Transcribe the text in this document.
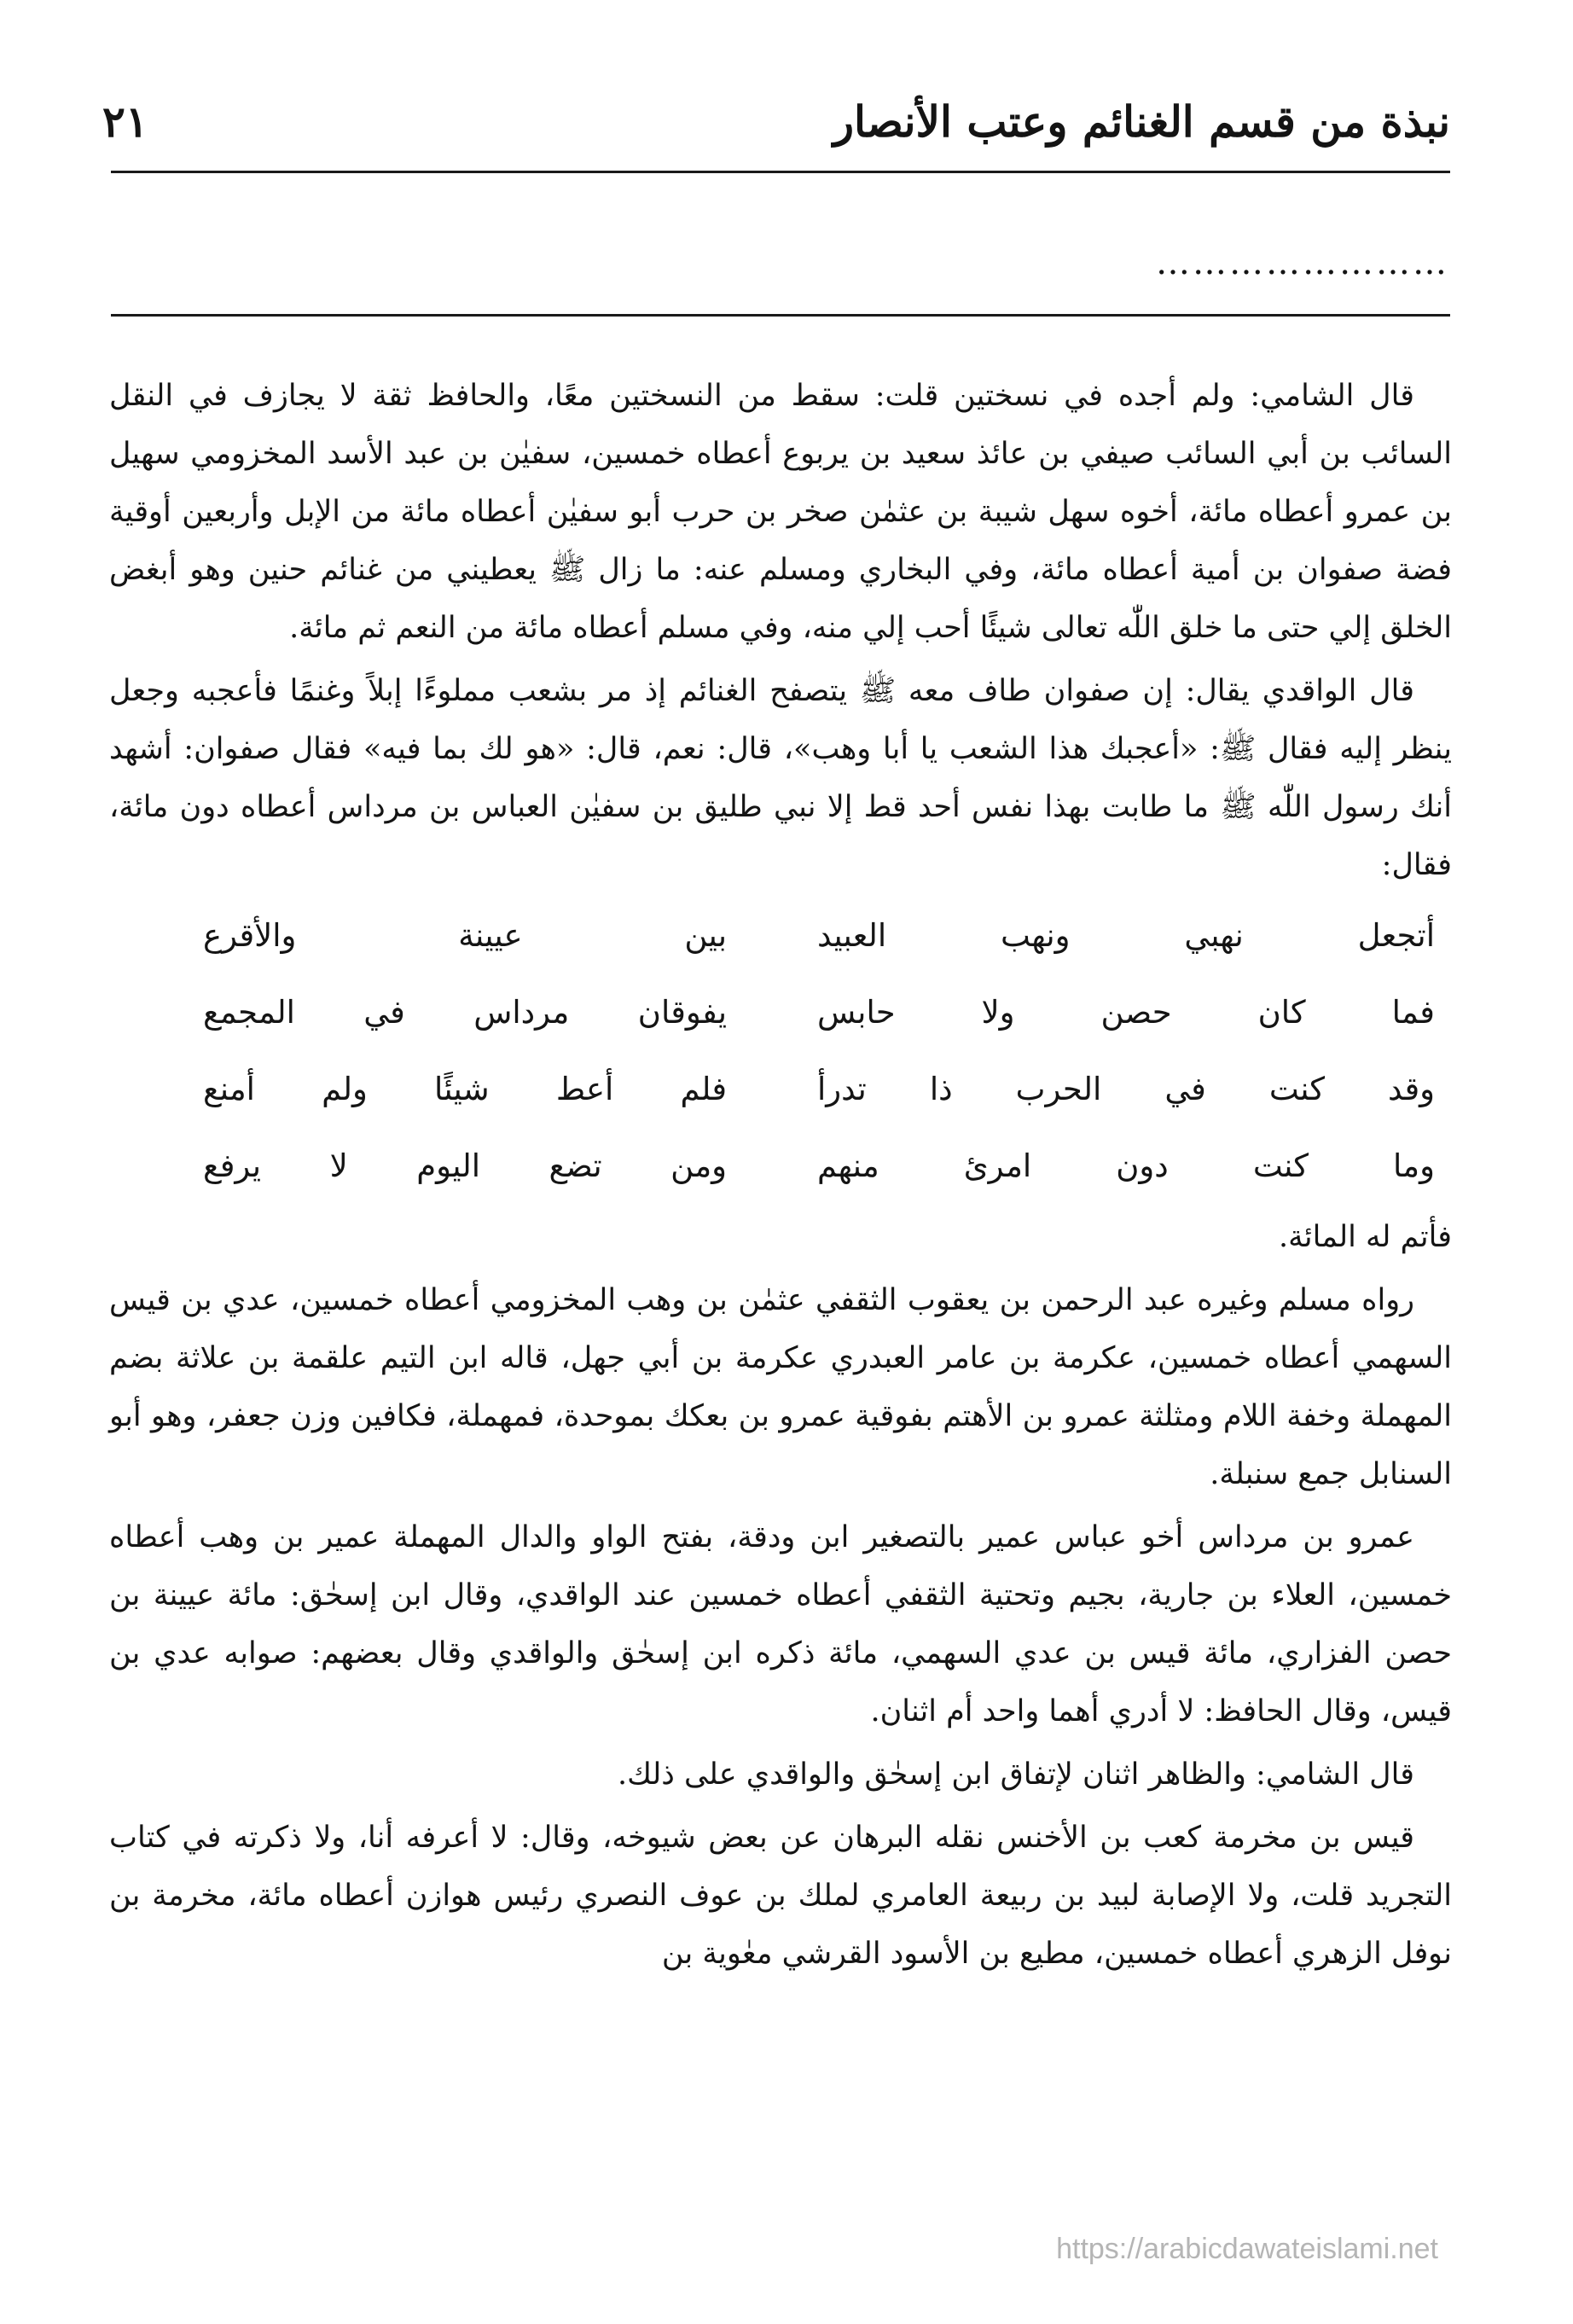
نبذة من قسم الغنائم وعتب الأنصار
٢١
……………………

قال الشامي: ولم أجده في نسختين قلت: سقط من النسختين معًا، والحافظ ثقة لا يجازف في النقل السائب بن أبي السائب صيفي بن عائذ سعيد بن يربوع أعطاه خمسين، سفيٰن بن عبد الأسد المخزومي سهيل بن عمرو أعطاه مائة، أخوه سهل شيبة بن عثمٰن صخر بن حرب أبو سفيٰن أعطاه مائة من الإبل وأربعين أوقية فضة صفوان بن أمية أعطاه مائة، وفي البخاري ومسلم عنه: ما زال ﷺ يعطيني من غنائم حنين وهو أبغض الخلق إلي حتى ما خلق اللّٰه تعالى شيئًا أحب إلي منه، وفي مسلم أعطاه مائة من النعم ثم مائة.

قال الواقدي يقال: إن صفوان طاف معه ﷺ يتصفح الغنائم إذ مر بشعب مملوءًا إبلاً وغنمًا فأعجبه وجعل ينظر إليه فقال ﷺ: «أعجبك هذا الشعب يا أبا وهب»، قال: نعم، قال: «هو لك بما فيه» فقال صفوان: أشهد أنك رسول اللّٰه ﷺ ما طابت بهذا نفس أحد قط إلا نبي طليق بن سفيٰن العباس بن مرداس أعطاه دون مائة، فقال:

أتجعل نهبي ونهب العبيد
بين عيينة والأقرع
فما كان حصن ولا حابس
يفوقان مرداس في المجمع
وقد كنت في الحرب ذا تدرأ
فلم أعط شيئًا ولم أمنع
وما كنت دون امرئ منهم
ومن تضع اليوم لا يرفع

فأتم له المائة.

رواه مسلم وغيره عبد الرحمن بن يعقوب الثقفي عثمٰن بن وهب المخزومي أعطاه خمسين، عدي بن قيس السهمي أعطاه خمسين، عكرمة بن عامر العبدري عكرمة بن أبي جهل، قاله ابن التيم علقمة بن علاثة بضم المهملة وخفة اللام ومثلثة عمرو بن الأهتم بفوقية عمرو بن بعكك بموحدة، فمهملة، فكافين وزن جعفر، وهو أبو السنابل جمع سنبلة.

عمرو بن مرداس أخو عباس عمير بالتصغير ابن ودقة، بفتح الواو والدال المهملة عمير بن وهب أعطاه خمسين، العلاء بن جارية، بجيم وتحتية الثقفي أعطاه خمسين عند الواقدي، وقال ابن إسحٰق: مائة عيينة بن حصن الفزاري، مائة قيس بن عدي السهمي، مائة ذكره ابن إسحٰق والواقدي وقال بعضهم: صوابه عدي بن قيس، وقال الحافظ: لا أدري أهما واحد أم اثنان.

قال الشامي: والظاهر اثنان لإتفاق ابن إسحٰق والواقدي على ذلك.

قيس بن مخرمة كعب بن الأخنس نقله البرهان عن بعض شيوخه، وقال: لا أعرفه أنا، ولا ذكرته في كتاب التجريد قلت، ولا الإصابة لبيد بن ربيعة العامري لملك بن عوف النصري رئيس هوازن أعطاه مائة، مخرمة بن نوفل الزهري أعطاه خمسين، مطيع بن الأسود القرشي معٰوية بن

https://arabicdawateislami.net
